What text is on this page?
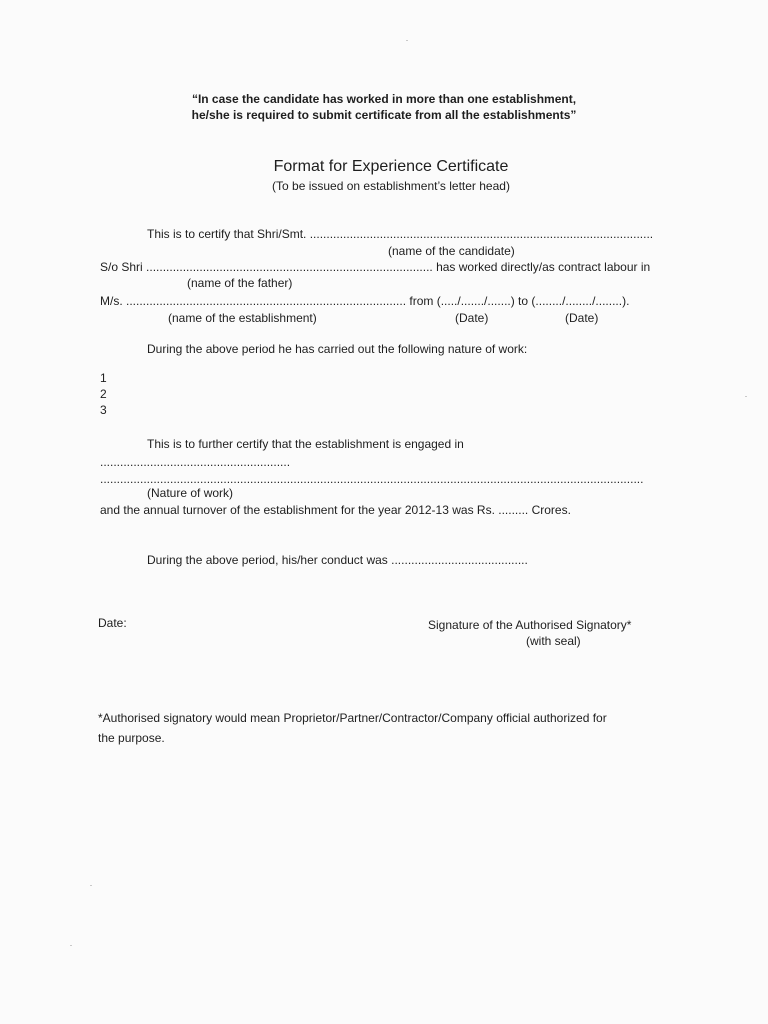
“In case the candidate has worked in more than one establishment,
he/she is required to submit certificate from all the establishments”
Format for Experience Certificate
(To be issued on establishment’s letter head)
This is to certify that Shri/Smt. .......................................................................................................
(name of the candidate)
S/o Shri ...................................................................................... has worked directly/as contract labour in
(name of the father)
M/s. .................................................................................... from (...../......./.......) to (......../......../........).
(name of the establishment)	(Date)	(Date)
During the above period he has carried out the following nature of work:
1
2
3
This is to further certify that the establishment is engaged in
.........................................................
...................................................................................................................................................................
(Nature of work)
and the annual turnover of the establishment for the year 2012-13 was Rs. ......... Crores.
During the above period, his/her conduct was .........................................
Date:	Signature of the Authorised Signatory*
(with seal)
*Authorised signatory would mean Proprietor/Partner/Contractor/Company official authorized for
the purpose.
